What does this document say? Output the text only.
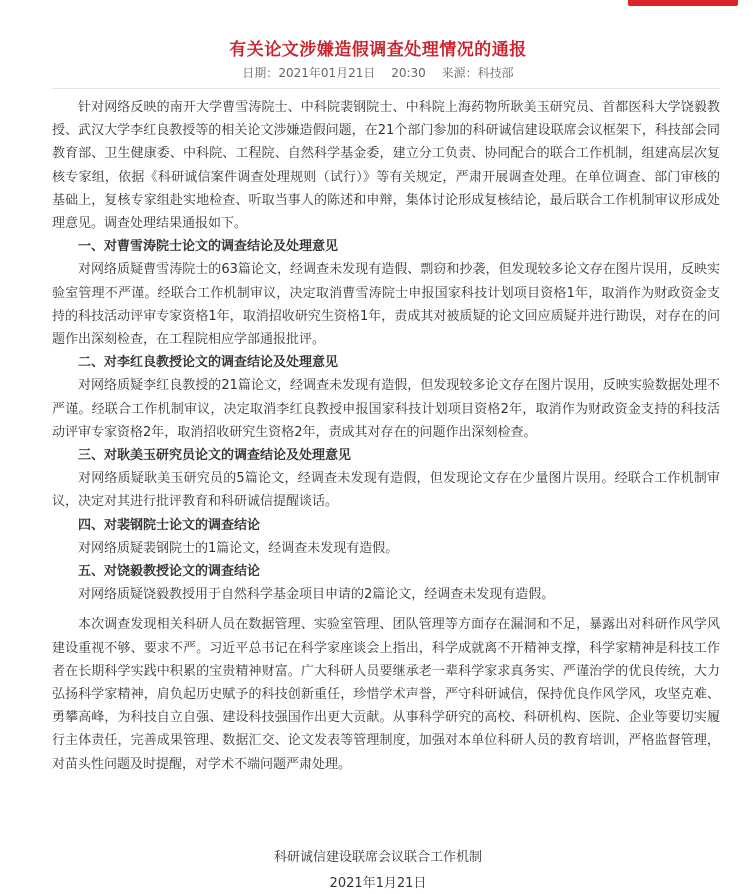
有关论文涉嫌造假调查处理情况的通报
日期：2021年01月21日 20:30 来源：科技部

针对网络反映的南开大学曹雪涛院士、中科院裴钢院士、中科院上海药物所耿美玉研究员、首都医科大学饶毅教授、武汉大学李红良教授等的相关论文涉嫌造假问题，在21个部门参加的科研诚信建设联席会议框架下，科技部会同教育部、卫生健康委、中科院、工程院、自然科学基金委，建立分工负责、协同配合的联合工作机制，组建高层次复核专家组，依据《科研诚信案件调查处理规则（试行）》等有关规定，严肃开展调查处理。在单位调查、部门审核的基础上，复核专家组赴实地检查、听取当事人的陈述和申辩，集体讨论形成复核结论，最后联合工作机制审议形成处理意见。调查处理结果通报如下。

一、对曹雪涛院士论文的调查结论及处理意见

对网络质疑曹雪涛院士的63篇论文，经调查未发现有造假、剽窃和抄袭，但发现较多论文存在图片误用，反映实验室管理不严谨。经联合工作机制审议，决定取消曹雪涛院士申报国家科技计划项目资格1年，取消作为财政资金支持的科技活动评审专家资格1年，取消招收研究生资格1年，责成其对被质疑的论文回应质疑并进行勘误，对存在的问题作出深刻检查，在工程院相应学部通报批评。

二、对李红良教授论文的调查结论及处理意见

对网络质疑李红良教授的21篇论文，经调查未发现有造假，但发现较多论文存在图片误用，反映实验数据处理不严谨。经联合工作机制审议，决定取消李红良教授申报国家科技计划项目资格2年，取消作为财政资金支持的科技活动评审专家资格2年，取消招收研究生资格2年，责成其对存在的问题作出深刻检查。

三、对耿美玉研究员论文的调查结论及处理意见

对网络质疑耿美玉研究员的5篇论文，经调查未发现有造假，但发现论文存在少量图片误用。经联合工作机制审议，决定对其进行批评教育和科研诚信提醒谈话。

四、对裴钢院士论文的调查结论

对网络质疑裴钢院士的1篇论文，经调查未发现有造假。

五、对饶毅教授论文的调查结论

对网络质疑饶毅教授用于自然科学基金项目申请的2篇论文，经调查未发现有造假。

本次调查发现相关科研人员在数据管理、实验室管理、团队管理等方面存在漏洞和不足，暴露出对科研作风学风建设重视不够、要求不严。习近平总书记在科学家座谈会上指出，科学成就离不开精神支撑，科学家精神是科技工作者在长期科学实践中积累的宝贵精神财富。广大科研人员要继承老一辈科学家求真务实、严谨治学的优良传统，大力弘扬科学家精神，肩负起历史赋予的科技创新重任，珍惜学术声誉，严守科研诚信，保持优良作风学风，攻坚克难、勇攀高峰，为科技自立自强、建设科技强国作出更大贡献。从事科学研究的高校、科研机构、医院、企业等要切实履行主体责任，完善成果管理、数据汇交、论文发表等管理制度，加强对本单位科研人员的教育培训，严格监督管理，对苗头性问题及时提醒，对学术不端问题严肃处理。

科研诚信建设联席会议联合工作机制
2021年1月21日
